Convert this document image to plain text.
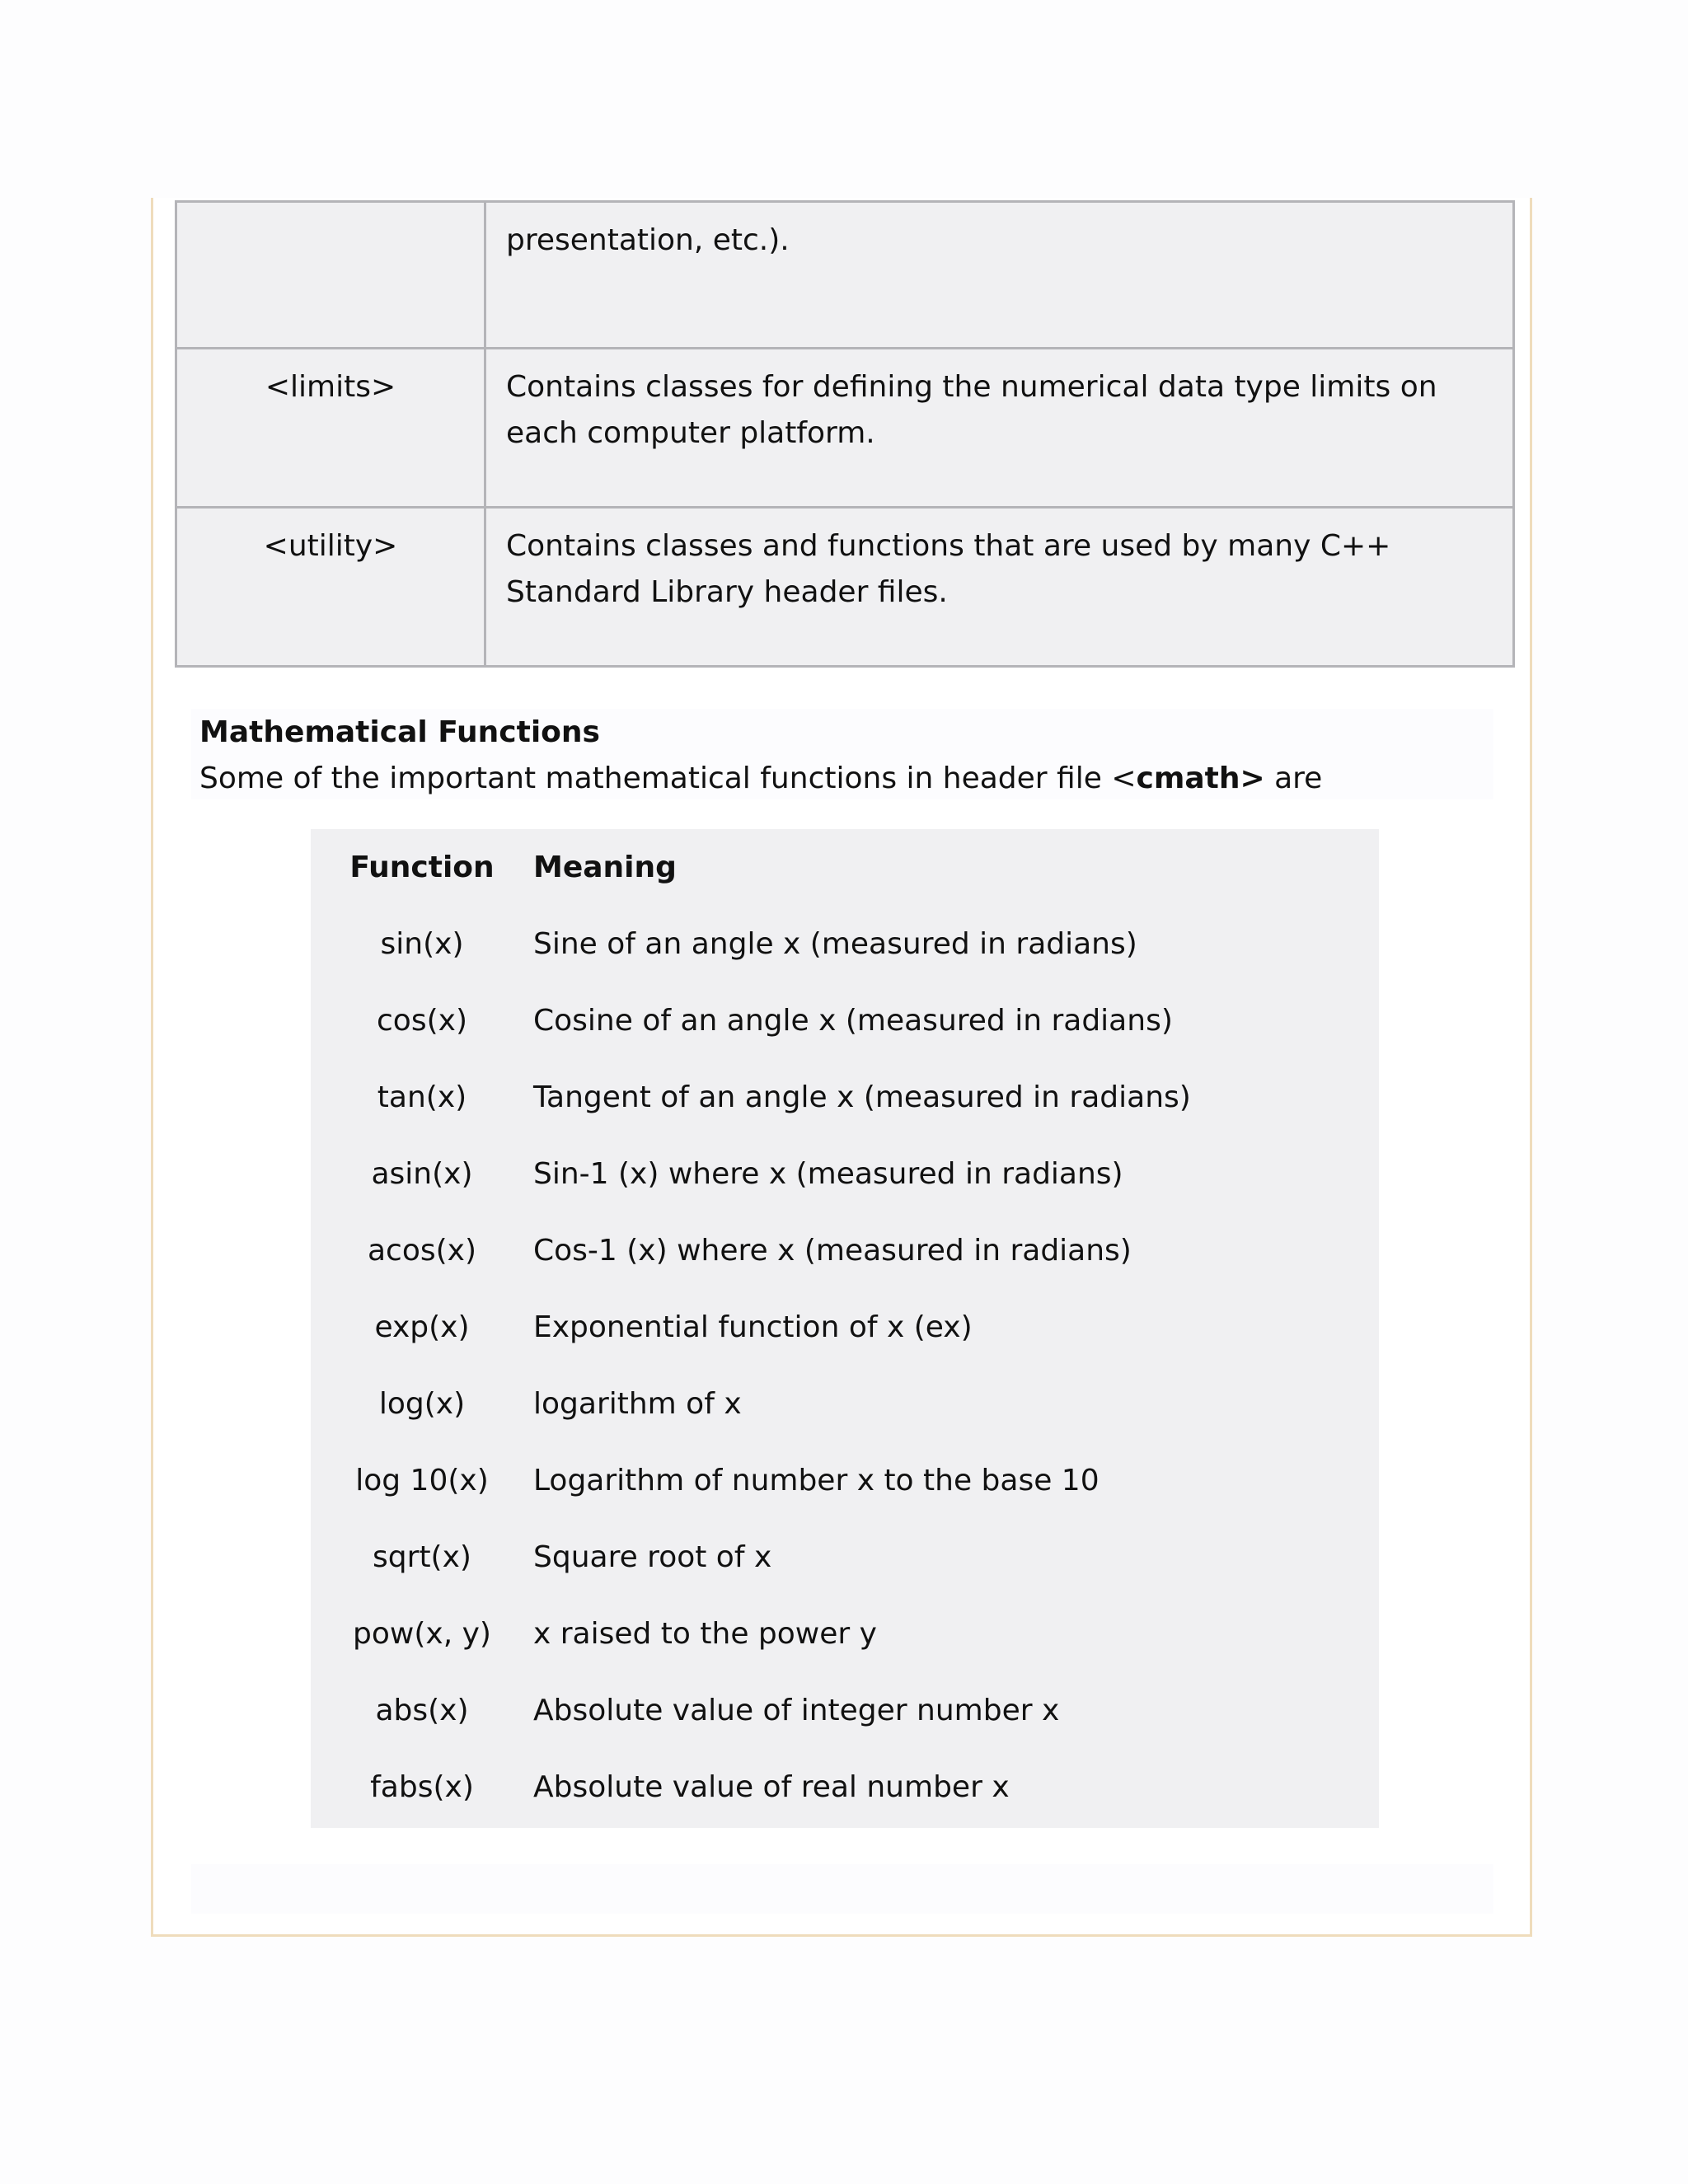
	presentation, etc.).
<limits>	Contains classes for defining the numerical data type limits on each computer platform.
<utility>	Contains classes and functions that are used by many C++ Standard Library header files.
Mathematical Functions
Some of the important mathematical functions in header file <cmath> are
Function	Meaning
sin(x)	Sine of an angle x (measured in radians)
cos(x)	Cosine of an angle x (measured in radians)
tan(x)	Tangent of an angle x (measured in radians)
asin(x)	Sin-1 (x) where x (measured in radians)
acos(x)	Cos-1 (x) where x (measured in radians)
exp(x)	Exponential function of x (ex)
log(x)	logarithm of x
log 10(x)	Logarithm of number x to the base 10
sqrt(x)	Square root of x
pow(x, y)	x raised to the power y
abs(x)	Absolute value of integer number x
fabs(x)	Absolute value of real number x
